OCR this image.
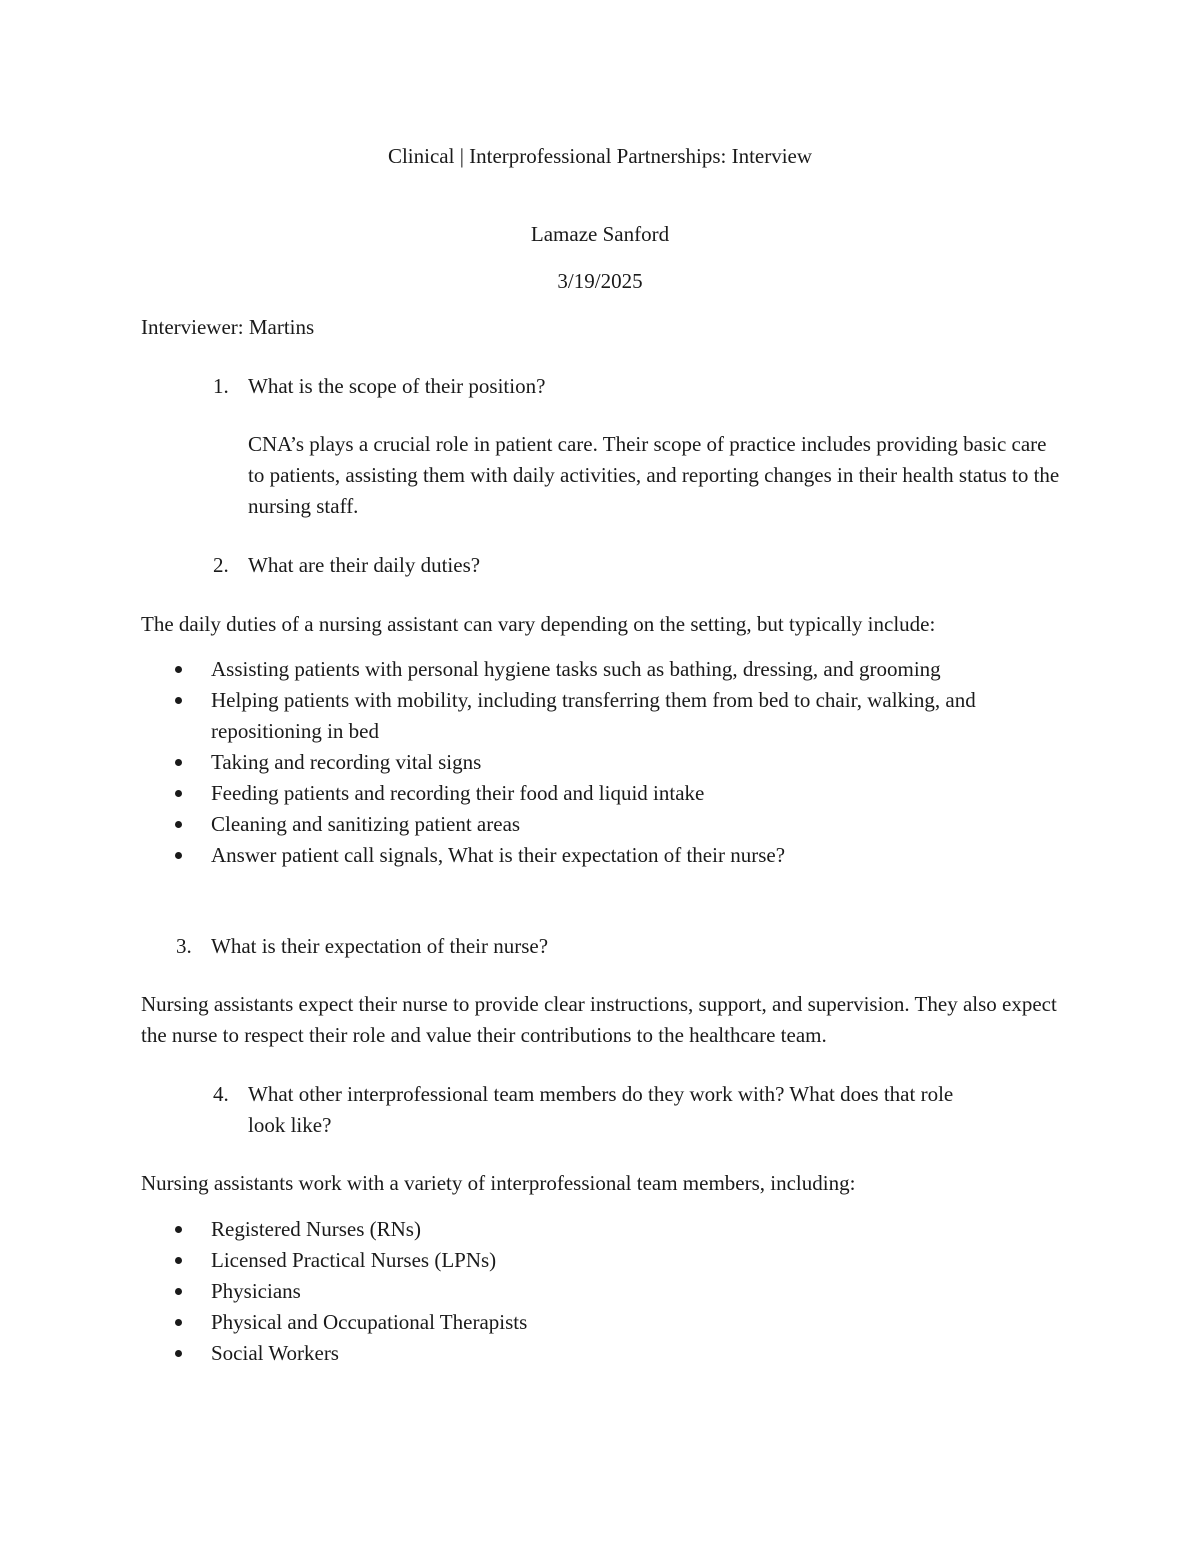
Clinical | Interprofessional Partnerships: Interview
Lamaze Sanford
3/19/2025
Interviewer: Martins
1. What is the scope of their position?
CNA’s plays a crucial role in patient care. Their scope of practice includes providing basic care to patients, assisting them with daily activities, and reporting changes in their health status to the nursing staff.
2. What are their daily duties?
The daily duties of a nursing assistant can vary depending on the setting, but typically include:
Assisting patients with personal hygiene tasks such as bathing, dressing, and grooming
Helping patients with mobility, including transferring them from bed to chair, walking, and repositioning in bed
Taking and recording vital signs
Feeding patients and recording their food and liquid intake
Cleaning and sanitizing patient areas
Answer patient call signals, What is their expectation of their nurse?
3. What is their expectation of their nurse?
Nursing assistants expect their nurse to provide clear instructions, support, and supervision. They also expect the nurse to respect their role and value their contributions to the healthcare team.
4. What other interprofessional team members do they work with? What does that role
look like?
Nursing assistants work with a variety of interprofessional team members, including:
Registered Nurses (RNs)
Licensed Practical Nurses (LPNs)
Physicians
Physical and Occupational Therapists
Social Workers
